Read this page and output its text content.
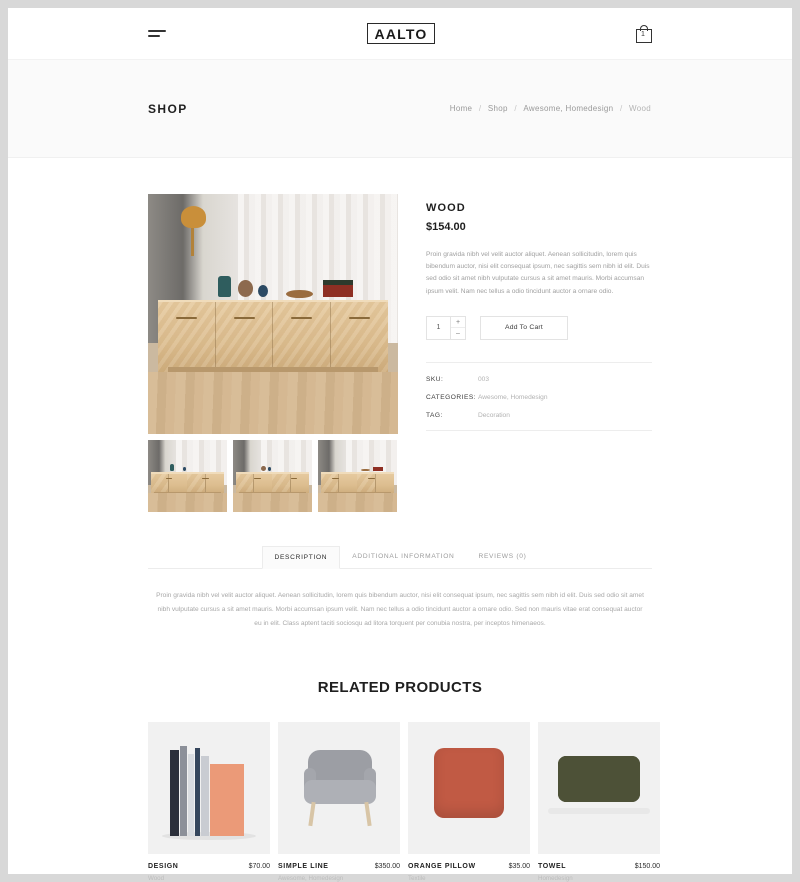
AALTO	1
SHOP	Home / Shop / Awesome, Homedesign / Wood
WOOD
$154.00
Proin gravida nibh vel velit auctor aliquet. Aenean sollicitudin, lorem quis bibendum auctor, nisi elit consequat ipsum, nec sagittis sem nibh id elit. Duis sed odio sit amet nibh vulputate cursus a sit amet mauris. Morbi accumsan ipsum velit. Nam nec tellus a odio tincidunt auctor a ornare odio.
1
+
–
Add To Cart
SKU:	003
CATEGORIES: Awesome, Homedesign
TAG:	Decoration
DESCRIPTION	ADDITIONAL INFORMATION	REVIEWS (0)
Proin gravida nibh vel velit auctor aliquet. Aenean sollicitudin, lorem quis bibendum auctor, nisi elit consequat ipsum, nec sagittis sem nibh id elit. Duis sed odio sit amet nibh vulputate cursus a sit amet mauris. Morbi accumsan ipsum velit. Nam nec tellus a odio tincidunt auctor a ornare odio. Sed non mauris vitae erat consequat auctor eu in elit. Class aptent taciti sociosqu ad litora torquent per conubia nostra, per inceptos himenaeos.
RELATED PRODUCTS
DESIGN	$70.00
Wood
SIMPLE LINE	$350.00
Awesome, Homedesign
ORANGE PILLOW	$35.00
Textile
TOWEL	$150.00
Homedesign
